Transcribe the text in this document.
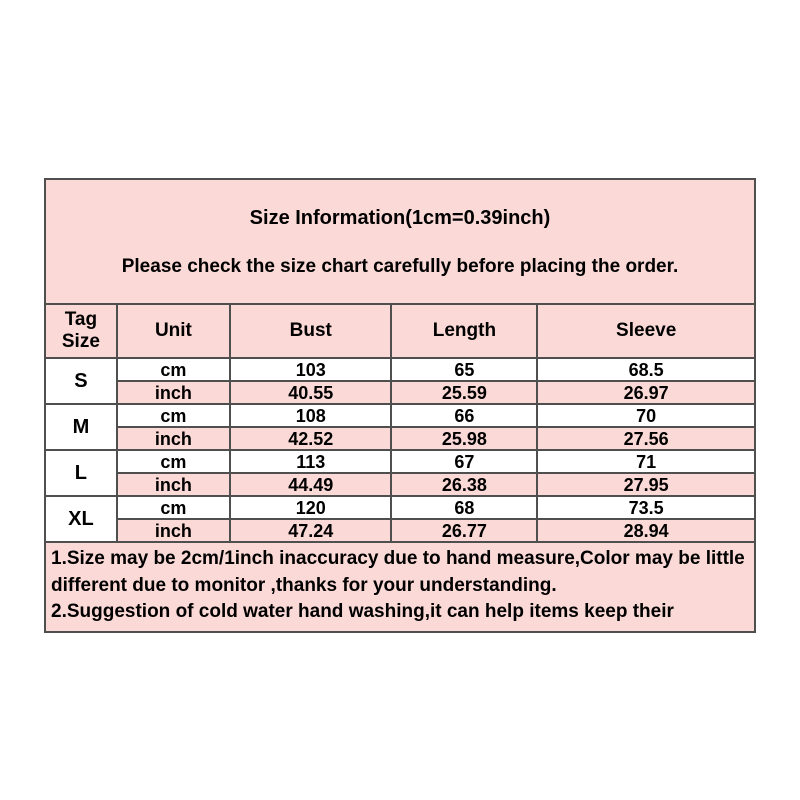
Size Information(1cm=0.39inch)
Please check the size chart carefully before placing the order.
Tag Size	Unit	Bust	Length	Sleeve
S	cm	103	65	68.5
	inch	40.55	25.59	26.97
M	cm	108	66	70
	inch	42.52	25.98	27.56
L	cm	113	67	71
	inch	44.49	26.38	27.95
XL	cm	120	68	73.5
	inch	47.24	26.77	28.94
1.Size may be 2cm/1inch inaccuracy due to hand measure,Color may be little different due to monitor ,thanks for your understanding.
2.Suggestion of cold water hand washing,it can help items keep their
